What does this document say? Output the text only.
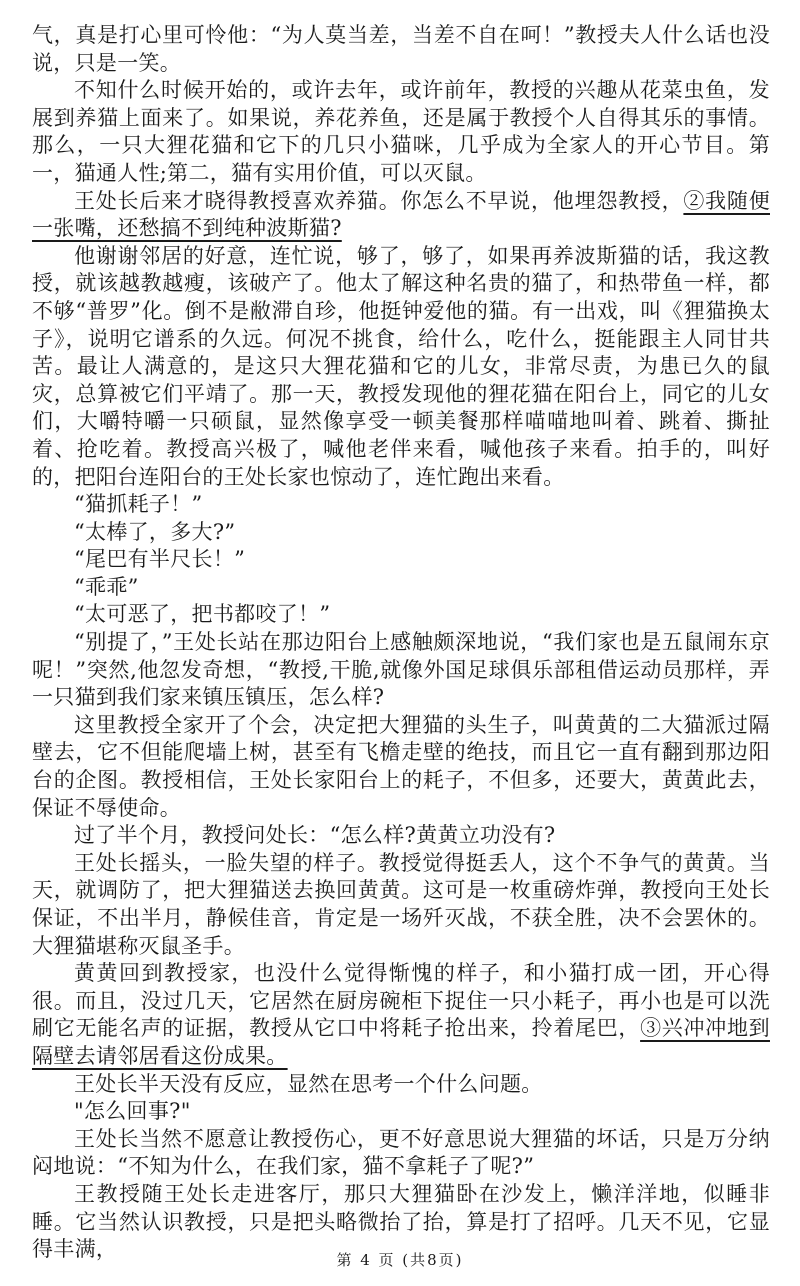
气，真是打心里可怜他：“为人莫当差，当差不自在呵！”教授夫人什么话也没说，只是一笑。

不知什么时候开始的，或许去年，或许前年，教授的兴趣从花菜虫鱼，发展到养猫上面来了。如果说，养花养鱼，还是属于教授个人自得其乐的事情。那么，一只大狸花猫和它下的几只小猫咪，几乎成为全家人的开心节目。第一，猫通人性;第二，猫有实用价值，可以灭鼠。

王处长后来才晓得教授喜欢养猫。你怎么不早说，他埋怨教授，②我随便一张嘴，还愁搞不到纯种波斯猫?

他谢谢邻居的好意，连忙说，够了，够了，如果再养波斯猫的话，我这教授，就该越教越瘦，该破产了。他太了解这种名贵的猫了，和热带鱼一样，都不够“普罗”化。倒不是敝滞自珍，他挺钟爱他的猫。有一出戏，叫《狸猫换太子》，说明它谱系的久远。何况不挑食，给什么，吃什么，挺能跟主人同甘共苦。最让人满意的，是这只大狸花猫和它的儿女，非常尽责，为患已久的鼠灾，总算被它们平靖了。那一天，教授发现他的狸花猫在阳台上，同它的儿女们，大嚼特嚼一只硕鼠，显然像享受一顿美餐那样喵喵地叫着、跳着、撕扯着、抢吃着。教授高兴极了，喊他老伴来看，喊他孩子来看。拍手的，叫好的，把阳台连阳台的王处长家也惊动了，连忙跑出来看。

“猫抓耗子！”

“太棒了，多大?”

“尾巴有半尺长！”

“乖乖”

“太可恶了，把书都咬了！”

“别提了，”王处长站在那边阳台上感触颇深地说，“我们家也是五鼠闹东京呢！”突然,他忽发奇想，“教授,干脆,就像外国足球俱乐部租借运动员那样，弄一只猫到我们家来镇压镇压，怎么样?

这里教授全家开了个会，决定把大狸猫的头生子，叫黄黄的二大猫派过隔壁去，它不但能爬墙上树，甚至有飞檐走壁的绝技，而且它一直有翻到那边阳台的企图。教授相信，王处长家阳台上的耗子，不但多，还要大，黄黄此去，保证不辱使命。

过了半个月，教授问处长：“怎么样?黄黄立功没有?

王处长摇头，一脸失望的样子。教授觉得挺丢人，这个不争气的黄黄。当天，就调防了，把大狸猫送去换回黄黄。这可是一枚重磅炸弹，教授向王处长保证，不出半月，静候佳音，肯定是一场歼灭战，不获全胜，决不会罢休的。大狸猫堪称灭鼠圣手。

黄黄回到教授家，也没什么觉得惭愧的样子，和小猫打成一团，开心得很。而且，没过几天，它居然在厨房碗柜下捉住一只小耗子，再小也是可以洗刷它无能名声的证据，教授从它口中将耗子抢出来，拎着尾巴，③兴冲冲地到隔壁去请邻居看这份成果。

王处长半天没有反应，显然在思考一个什么问题。

"怎么回事?"

王处长当然不愿意让教授伤心，更不好意思说大狸猫的坏话，只是万分纳闷地说：“不知为什么，在我们家，猫不拿耗子了呢?”

王教授随王处长走进客厅，那只大狸猫卧在沙发上，懒洋洋地，似睡非睡。它当然认识教授，只是把头略微抬了抬，算是打了招呼。几天不见，它显得丰满，	第 4 页 (共8页)
